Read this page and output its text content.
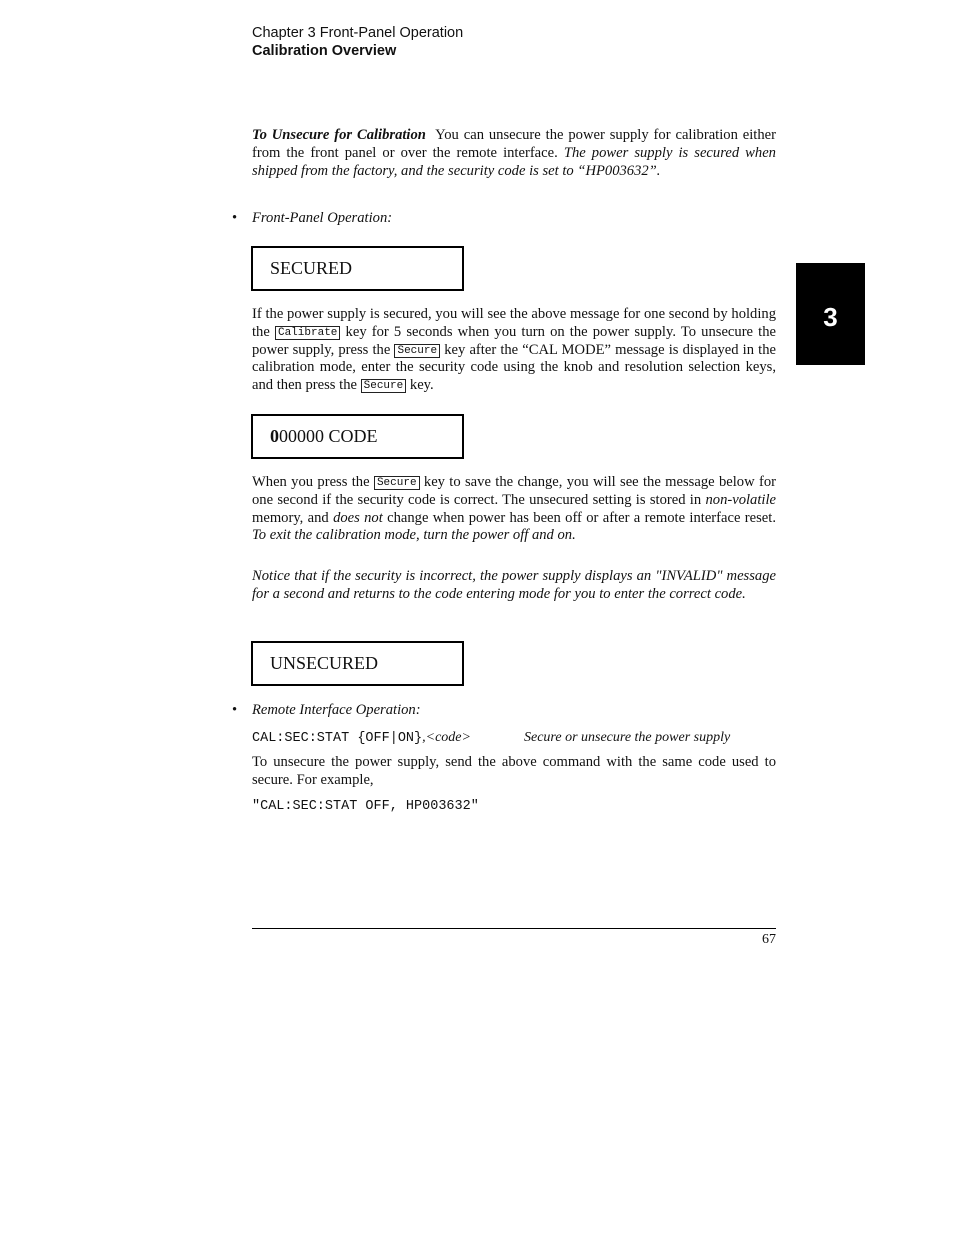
Chapter 3 Front-Panel Operation
Calibration Overview
3
To Unsecure for Calibration You can unsecure the power supply for calibration either from the front panel or over the remote interface. The power supply is secured when shipped from the factory, and the security code is set to “HP003632”.
• Front-Panel Operation:
SECURED
If the power supply is secured, you will see the above message for one second by holding the Calibrate key for 5 seconds when you turn on the power supply. To unsecure the power supply, press the Secure key after the “CAL MODE” message is displayed in the calibration mode, enter the security code using the knob and resolution selection keys, and then press the Secure key.
0 00000 CODE
When you press the Secure key to save the change, you will see the message below for one second if the security code is correct. The unsecured setting is stored in non-volatile memory, and does not change when power has been off or after a remote interface reset. To exit the calibration mode, turn the power off and on.
Notice that if the security is incorrect, the power supply displays an "INVALID" message for a second and returns to the code entering mode for you to enter the correct code.
UNSECURED
• Remote Interface Operation:
CAL:SEC:STAT {OFF|ON},<code>	Secure or unsecure the power supply
To unsecure the power supply, send the above command with the same code used to secure. For example,
"CAL:SEC:STAT OFF, HP003632"
67
